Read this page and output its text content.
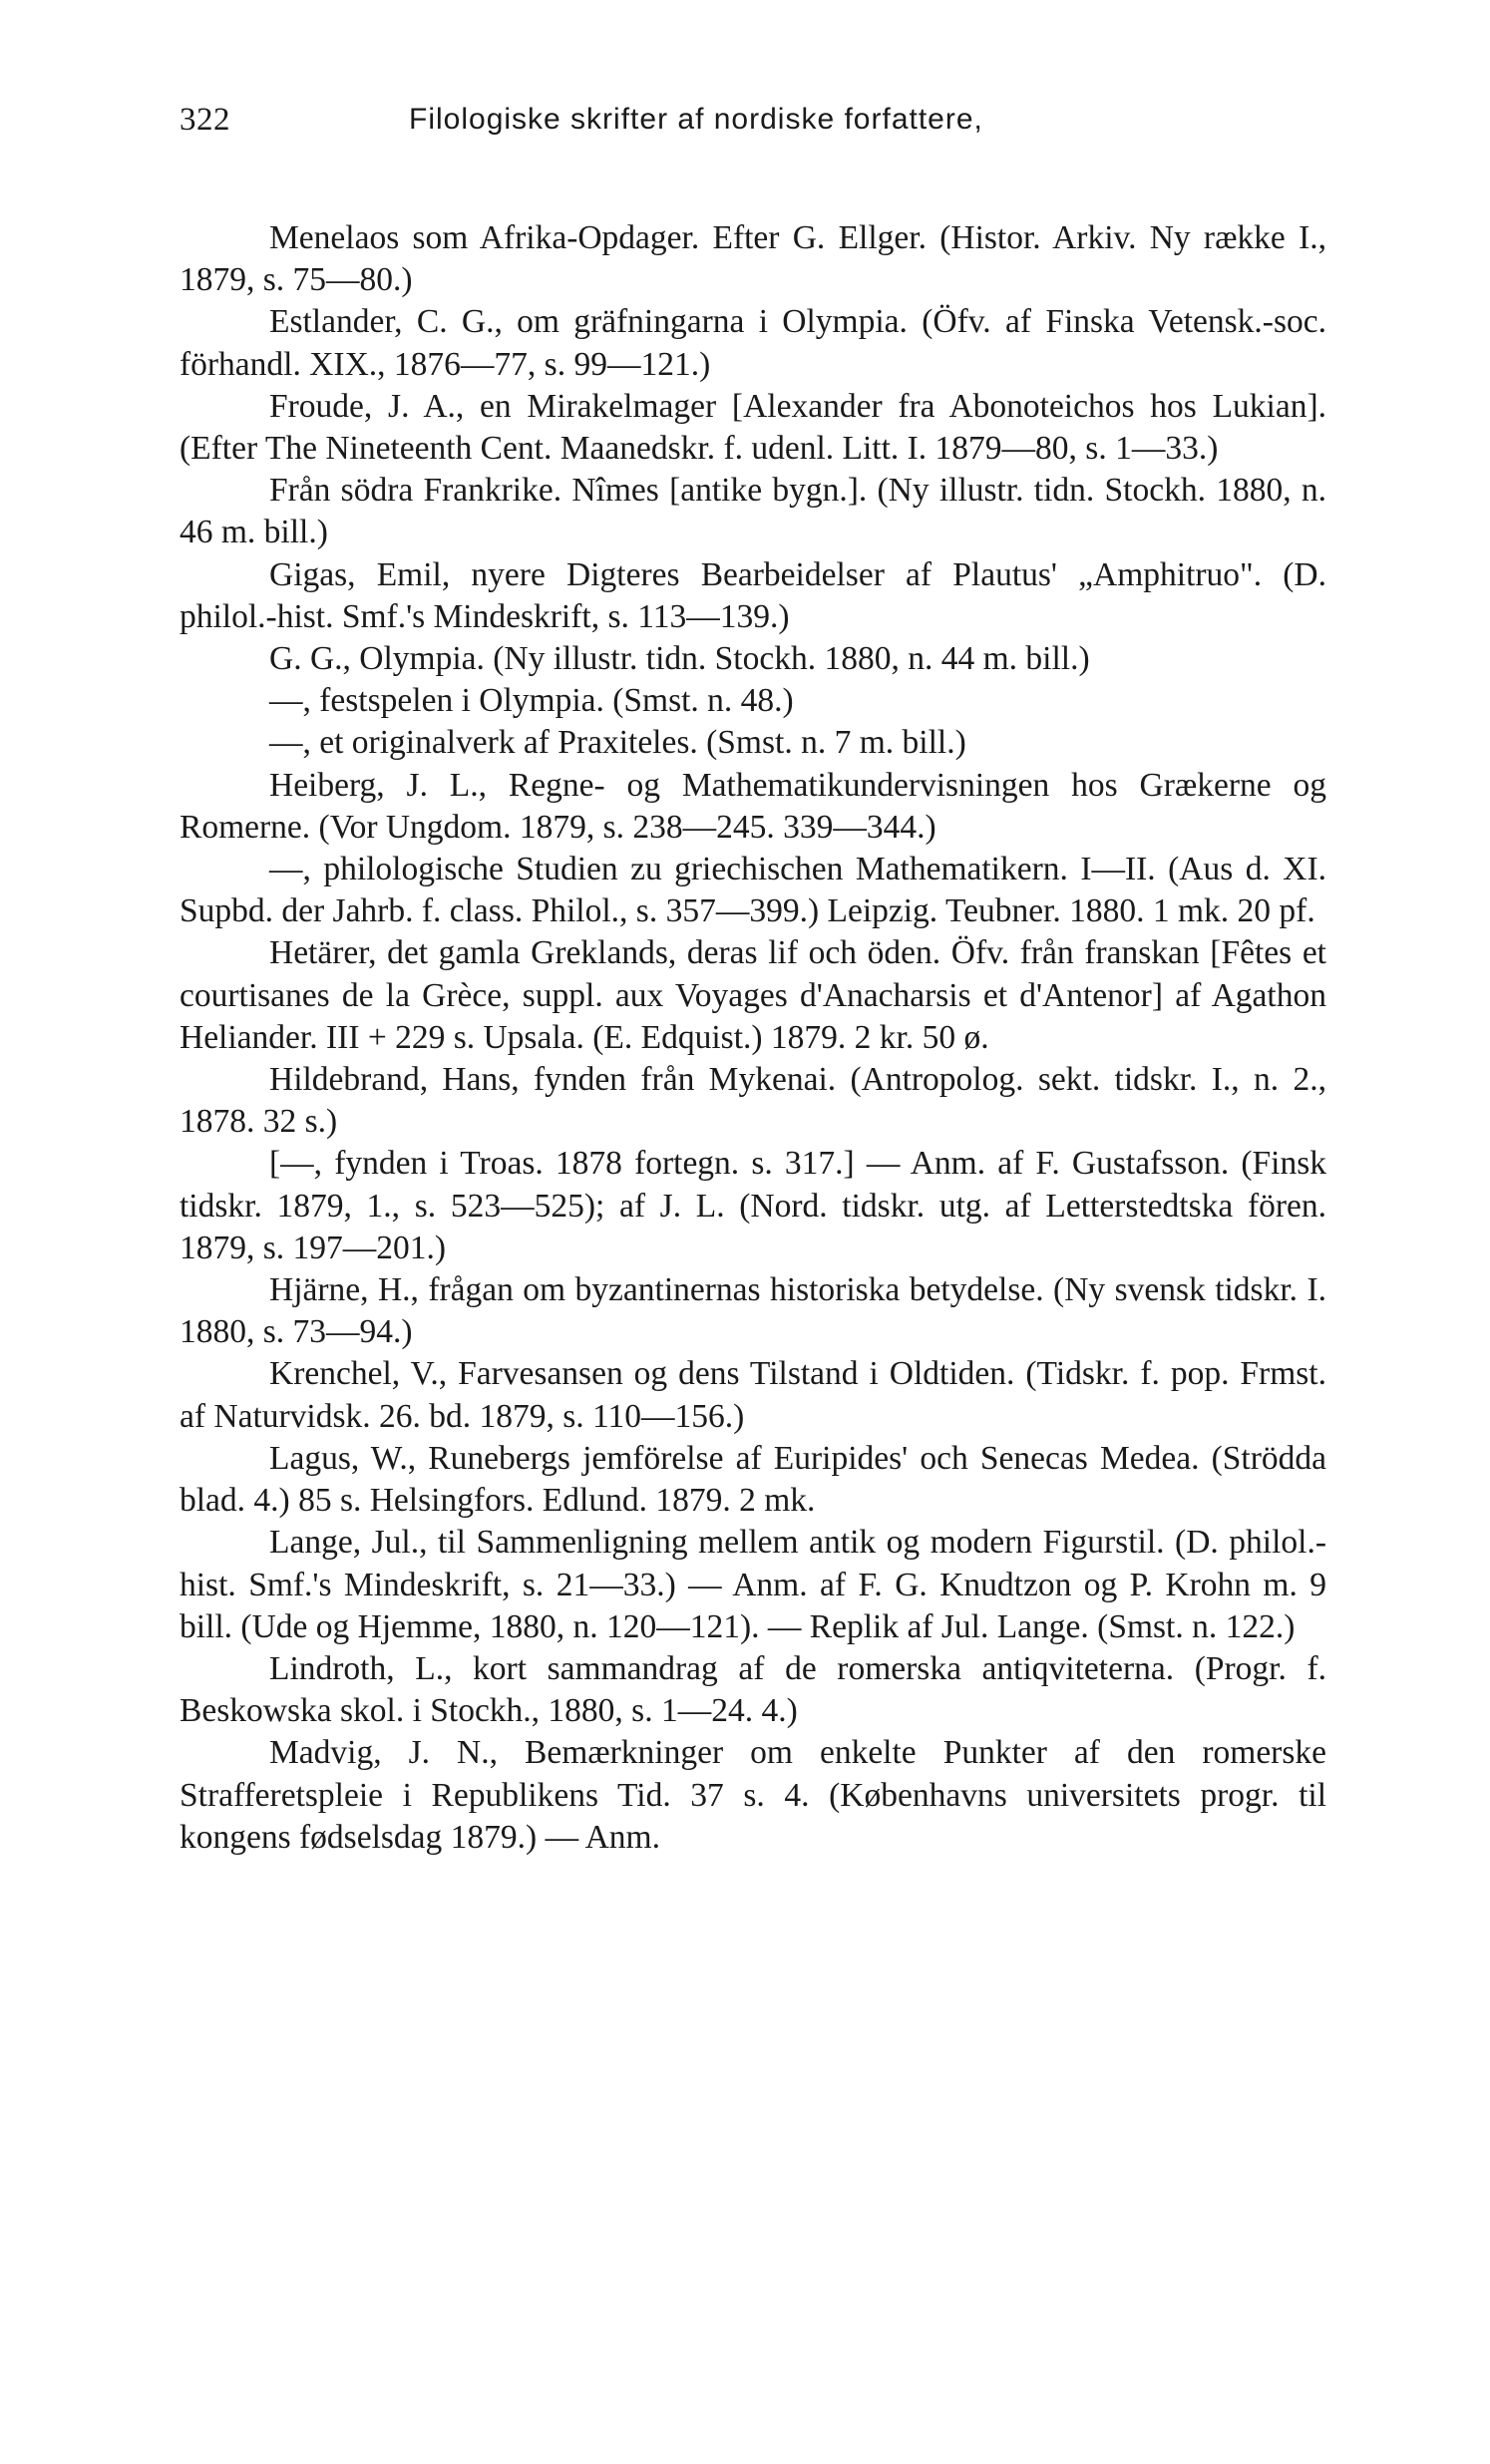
322	Filologiske skrifter af nordiske forfattere,

Menelaos som Afrika-Opdager. Efter G. Ellger. (Histor. Arkiv. Ny række I., 1879, s. 75—80.)

Estlander, C. G., om gräfningarna i Olympia. (Öfv. af Finska Vetensk.-soc. förhandl. XIX., 1876—77, s. 99—121.)

Froude, J. A., en Mirakelmager [Alexander fra Abonoteichos hos Lukian]. (Efter The Nineteenth Cent. Maanedskr. f. udenl. Litt. I. 1879—80, s. 1—33.)

Från södra Frankrike. Nîmes [antike bygn.]. (Ny illustr. tidn. Stockh. 1880, n. 46 m. bill.)

Gigas, Emil, nyere Digteres Bearbeidelser af Plautus' „Amphitruo". (D. philol.-hist. Smf.'s Mindeskrift, s. 113—139.)

G. G., Olympia. (Ny illustr. tidn. Stockh. 1880, n. 44 m. bill.)

—, festspelen i Olympia. (Smst. n. 48.)

—, et originalverk af Praxiteles. (Smst. n. 7 m. bill.)

Heiberg, J. L., Regne- og Mathematikundervisningen hos Grækerne og Romerne. (Vor Ungdom. 1879, s. 238—245. 339—344.)

—, philologische Studien zu griechischen Mathematikern. I—II. (Aus d. XI. Supbd. der Jahrb. f. class. Philol., s. 357—399.) Leipzig. Teubner. 1880. 1 mk. 20 pf.

Hetärer, det gamla Greklands, deras lif och öden. Öfv. från franskan [Fêtes et courtisanes de la Grèce, suppl. aux Voyages d'Anacharsis et d'Antenor] af Agathon Heliander. III + 229 s. Upsala. (E. Edquist.) 1879. 2 kr. 50 ø.

Hildebrand, Hans, fynden från Mykenai. (Antropolog. sekt. tidskr. I., n. 2., 1878. 32 s.)

[—, fynden i Troas. 1878 fortegn. s. 317.] — Anm. af F. Gustafsson. (Finsk tidskr. 1879, 1., s. 523—525); af J. L. (Nord. tidskr. utg. af Letterstedtska fören. 1879, s. 197—201.)

Hjärne, H., frågan om byzantinernas historiska betydelse. (Ny svensk tidskr. I. 1880, s. 73—94.)

Krenchel, V., Farvesansen og dens Tilstand i Oldtiden. (Tidskr. f. pop. Frmst. af Naturvidsk. 26. bd. 1879, s. 110—156.)

Lagus, W., Runebergs jemförelse af Euripides' och Senecas Medea. (Strödda blad. 4.) 85 s. Helsingfors. Edlund. 1879. 2 mk.

Lange, Jul., til Sammenligning mellem antik og modern Figurstil. (D. philol.-hist. Smf.'s Mindeskrift, s. 21—33.) — Anm. af F. G. Knudtzon og P. Krohn m. 9 bill. (Ude og Hjemme, 1880, n. 120—121). — Replik af Jul. Lange. (Smst. n. 122.)

Lindroth, L., kort sammandrag af de romerska antiqviteterna. (Progr. f. Beskowska skol. i Stockh., 1880, s. 1—24. 4.)

Madvig, J. N., Bemærkninger om enkelte Punkter af den romerske Strafferetspleie i Republikens Tid. 37 s. 4. (Københavns universitets progr. til kongens fødselsdag 1879.) — Anm.
